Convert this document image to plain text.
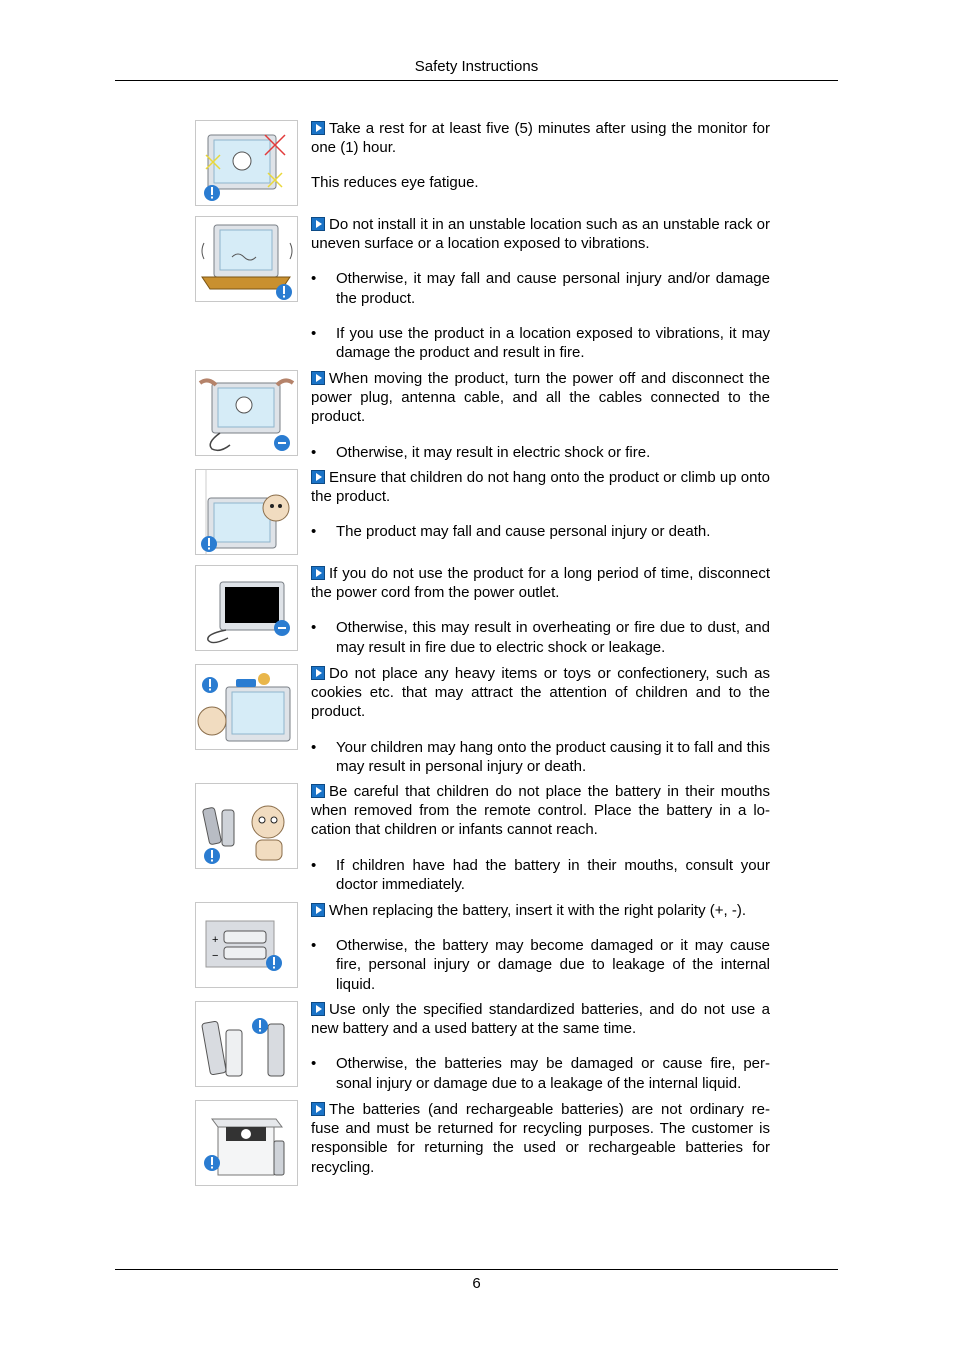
Safety Instructions

Take a rest for at least five (5) minutes after using the monitor for one (1) hour.

This reduces eye fatigue.

Do not install it in an unstable location such as an unstable rack or uneven surface or a location exposed to vibrations.

• Otherwise, it may fall and cause personal injury and/or damage the product.

• If you use the product in a location exposed to vibrations, it may damage the product and result in fire.

When moving the product, turn the power off and disconnect the power plug, antenna cable, and all the cables connected to the product.

• Otherwise, it may result in electric shock or fire.

Ensure that children do not hang onto the product or climb up onto the product.

• The product may fall and cause personal injury or death.

If you do not use the product for a long period of time, disconnect the power cord from the power outlet.

• Otherwise, this may result in overheating or fire due to dust, and may result in fire due to electric shock or leakage.

Do not place any heavy items or toys or confectionery, such as cookies etc. that may attract the attention of children and to the product.

• Your children may hang onto the product causing it to fall and this may result in personal injury or death.

Be careful that children do not place the battery in their mouths when removed from the remote control. Place the battery in a lo- cation that children or infants cannot reach.

• If children have had the battery in their mouths, consult your doctor immediately.

+
−

When replacing the battery, insert it with the right polarity (+, -).

• Otherwise, the battery may become damaged or it may cause fire, personal injury or damage due to leakage of the internal liquid.

Use only the specified standardized batteries, and do not use a new battery and a used battery at the same time.

• Otherwise, the batteries may be damaged or cause fire, per- sonal injury or damage due to a leakage of the internal liquid.

The batteries (and rechargeable batteries) are not ordinary re- fuse and must be returned for recycling purposes. The customer is responsible for returning the used or rechargeable batteries for recycling.

6
